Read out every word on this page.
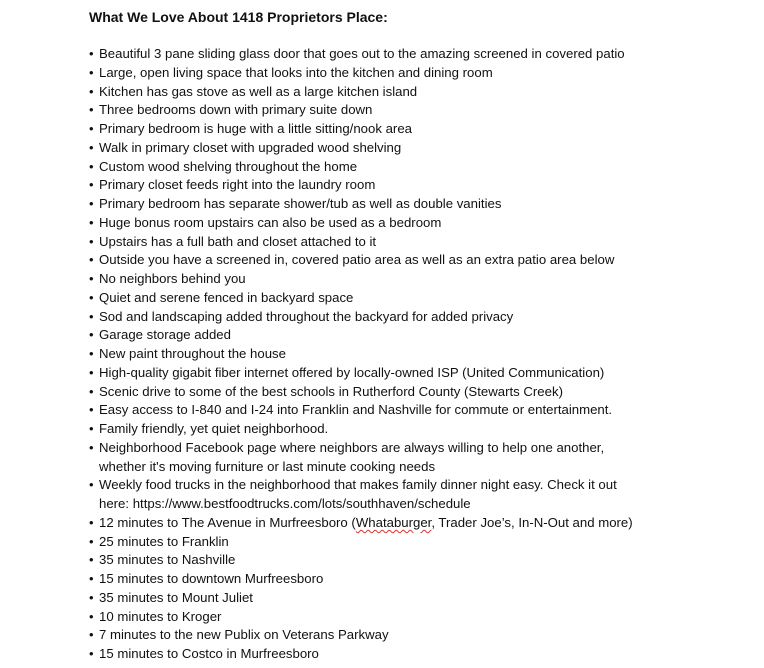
What We Love About 1418 Proprietors Place:
• Beautiful 3 pane sliding glass door that goes out to the amazing screened in covered patio
• Large, open living space that looks into the kitchen and dining room
• Kitchen has gas stove as well as a large kitchen island
• Three bedrooms down with primary suite down
• Primary bedroom is huge with a little sitting/nook area
• Walk in primary closet with upgraded wood shelving
• Custom wood shelving throughout the home
• Primary closet feeds right into the laundry room
• Primary bedroom has separate shower/tub as well as double vanities
• Huge bonus room upstairs can also be used as a bedroom
• Upstairs has a full bath and closet attached to it
• Outside you have a screened in, covered patio area as well as an extra patio area below
• No neighbors behind you
• Quiet and serene fenced in backyard space
• Sod and landscaping added throughout the backyard for added privacy
• Garage storage added
• New paint throughout the house
• High-quality gigabit fiber internet offered by locally-owned ISP (United Communication)
• Scenic drive to some of the best schools in Rutherford County (Stewarts Creek)
• Easy access to I-840 and I-24 into Franklin and Nashville for commute or entertainment.
• Family friendly, yet quiet neighborhood.
• Neighborhood Facebook page where neighbors are always willing to help one another,
whether it's moving furniture or last minute cooking needs
• Weekly food trucks in the neighborhood that makes family dinner night easy. Check it out
here: https://www.bestfoodtrucks.com/lots/southhaven/schedule
• 12 minutes to The Avenue in Murfreesboro (Whataburger, Trader Joe’s, In-N-Out and more)
• 25 minutes to Franklin
• 35 minutes to Nashville
• 15 minutes to downtown Murfreesboro
• 35 minutes to Mount Juliet
• 10 minutes to Kroger
• 7 minutes to the new Publix on Veterans Parkway
• 15 minutes to Costco in Murfreesboro
